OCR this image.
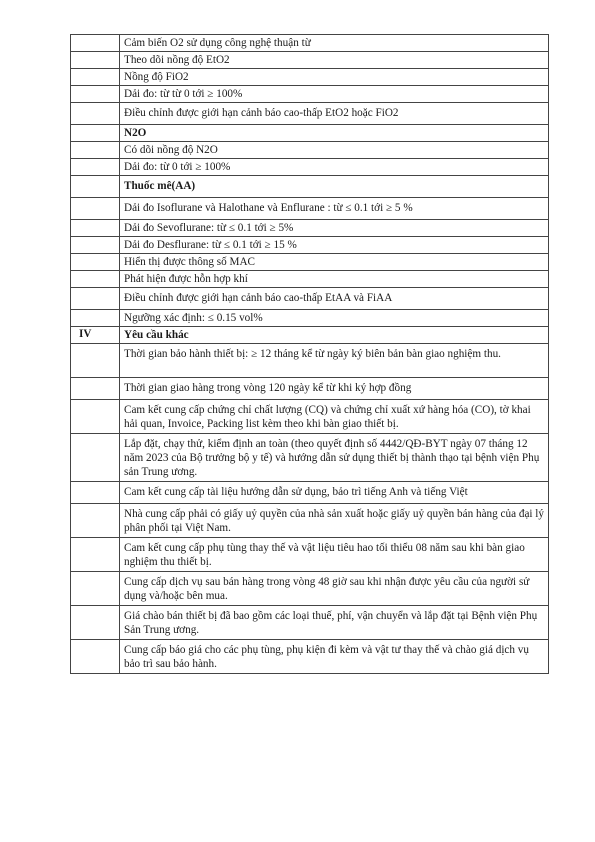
	Cảm biến O2 sử dụng công nghệ thuận từ
	Theo dõi nồng độ EtO2
	Nồng độ FiO2
	Dải đo: từ từ 0 tới ≥ 100%
	Điều chỉnh được giới hạn cảnh báo cao-thấp EtO2 hoặc FiO2
	N2O
	Có dõi nồng độ N2O
	Dải đo: từ 0 tới ≥ 100%
	Thuốc mê(AA)
	Dải đo Isoflurane và Halothane và Enflurane : từ ≤ 0.1 tới ≥ 5 %
	Dải đo Sevoflurane: từ ≤ 0.1 tới ≥ 5%
	Dải đo Desflurane: từ ≤ 0.1 tới ≥ 15 %
	Hiển thị được thông số MAC
	Phát hiện được hỗn hợp khí
	Điều chỉnh được giới hạn cảnh báo cao-thấp EtAA và FiAA
	Ngưỡng xác định: ≤ 0.15 vol%
IV	Yêu cầu khác
	Thời gian bảo hành thiết bị: ≥ 12 tháng kể từ ngày ký biên bản bàn giao nghiệm thu.
	Thời gian giao hàng trong vòng 120 ngày kể từ khi ký hợp đồng
	Cam kết cung cấp chứng chỉ chất lượng (CQ) và chứng chỉ xuất xứ hàng hóa (CO), tờ khai hải quan, Invoice, Packing list kèm theo khi bàn giao thiết bị.
	Lắp đặt, chạy thử, kiểm định an toàn (theo quyết định số 4442/QĐ-BYT ngày 07 tháng 12 năm 2023 của Bộ trưởng bộ y tế) và hướng dẫn sử dụng thiết bị thành thạo tại bệnh viện Phụ sản Trung ương.
	Cam kết cung cấp tài liệu hướng dẫn sử dụng, bảo trì tiếng Anh và tiếng Việt
	Nhà cung cấp phải có giấy uỷ quyền của nhà sản xuất hoặc giấy uỷ quyền bán hàng của đại lý phân phối tại Việt Nam.
	Cam kết cung cấp phụ tùng thay thế và vật liệu tiêu hao tối thiểu 08 năm sau khi bàn giao nghiệm thu thiết bị.
	Cung cấp dịch vụ sau bán hàng trong vòng 48 giờ sau khi nhận được yêu cầu của người sử dụng và/hoặc bên mua.
	Giá chào bán thiết bị đã bao gồm các loại thuế, phí, vận chuyển và lắp đặt tại Bệnh viện Phụ Sản Trung ương.
	Cung cấp báo giá cho các phụ tùng, phụ kiện đi kèm và vật tư thay thế và chào giá dịch vụ bảo trì sau bảo hành.
